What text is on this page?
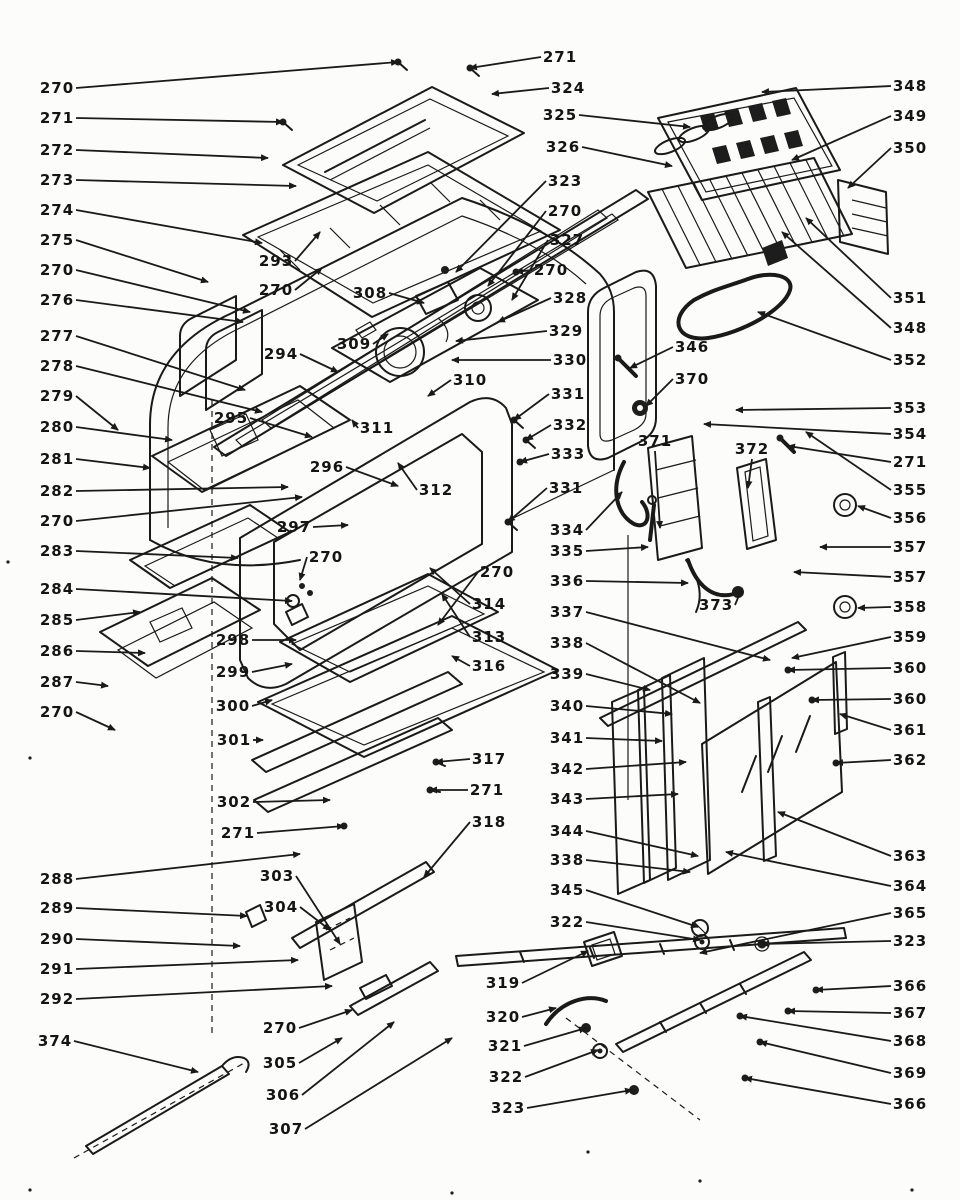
270
271
272
273
274
275
270
276
277
278
279
280
281
282
270
283
284
285
286
287
270
288
289
290
291
292
374
271
324
325
326
323
270
327
270
328
329
330
331
332
333
331
293
270	308
309
294
295
310
311
296
312
297
270
270
314
313
316
298
299
300
301
302
271
303
304
317
271
318
270
305
306
307
319
320
321
322
323
334
335
336
337
338
339
340
341
342
343
344
338
345
322
346
370
371	372
373
348
349
350
351
348
352
353
354
271
355
356
357
357
358
359
360
360
361
362
363
364
365
323
366
367
368
369
366
